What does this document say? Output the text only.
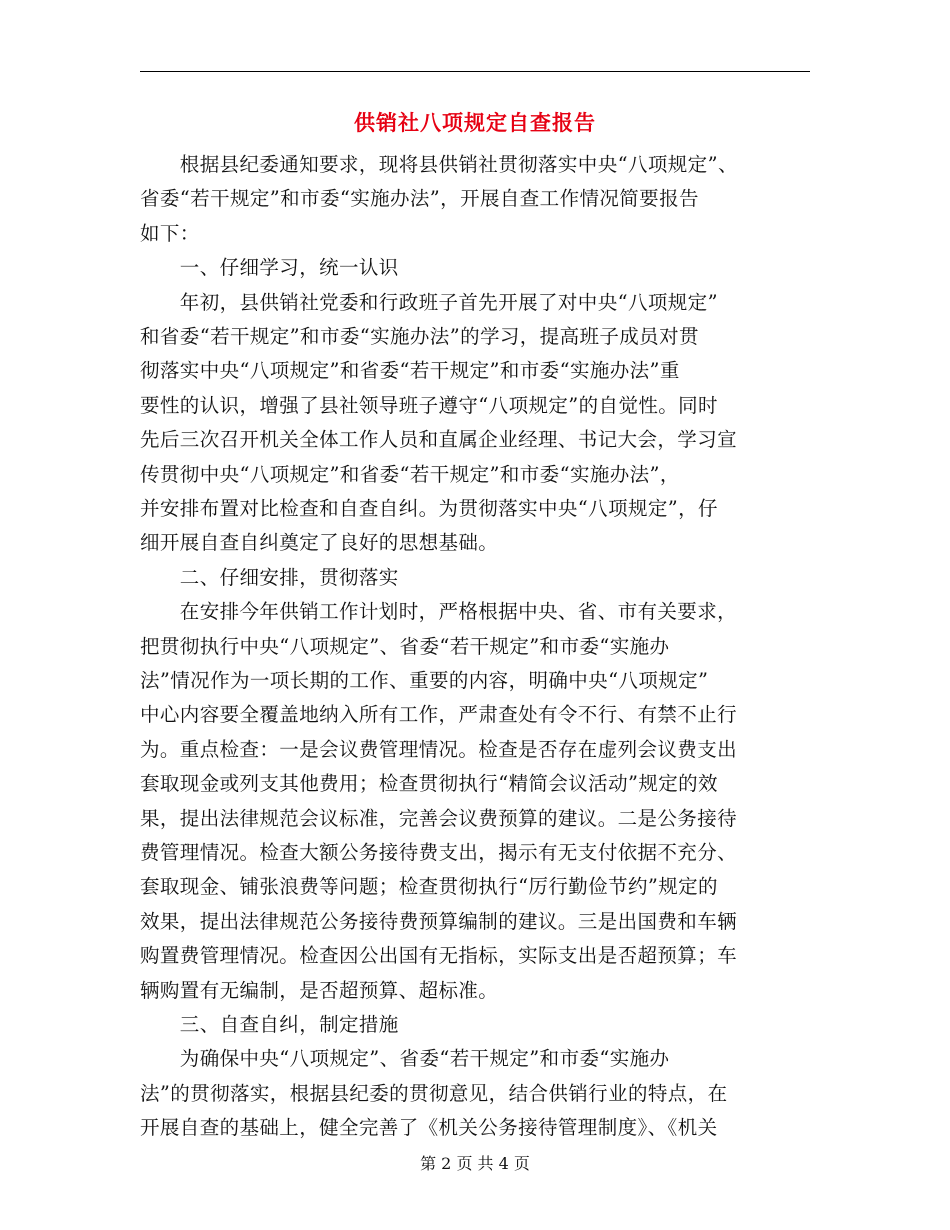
供销社八项规定自查报告
　　根据县纪委通知要求，现将县供销社贯彻落实中央“八项规定”、
省委“若干规定”和市委“实施办法”，开展自查工作情况简要报告
如下：
　　一、仔细学习，统一认识
　　年初，县供销社党委和行政班子首先开展了对中央“八项规定”
和省委“若干规定”和市委“实施办法”的学习，提高班子成员对贯
彻落实中央“八项规定”和省委“若干规定”和市委“实施办法”重
要性的认识，增强了县社领导班子遵守“八项规定”的自觉性。同时
先后三次召开机关全体工作人员和直属企业经理、书记大会，学习宣
传贯彻中央“八项规定”和省委“若干规定”和市委“实施办法”，
并安排布置对比检查和自查自纠。为贯彻落实中央“八项规定”，仔
细开展自查自纠奠定了良好的思想基础。
　　二、仔细安排，贯彻落实
　　在安排今年供销工作计划时，严格根据中央、省、市有关要求，
把贯彻执行中央“八项规定”、省委“若干规定”和市委“实施办
法”情况作为一项长期的工作、重要的内容，明确中央“八项规定”
中心内容要全覆盖地纳入所有工作，严肃查处有令不行、有禁不止行
为。重点检查：一是会议费管理情况。检查是否存在虚列会议费支出
套取现金或列支其他费用；检查贯彻执行“精简会议活动”规定的效
果，提出法律规范会议标准，完善会议费预算的建议。二是公务接待
费管理情况。检查大额公务接待费支出，揭示有无支付依据不充分、
套取现金、铺张浪费等问题；检查贯彻执行“厉行勤俭节约”规定的
效果，提出法律规范公务接待费预算编制的建议。三是出国费和车辆
购置费管理情况。检查因公出国有无指标，实际支出是否超预算；车
辆购置有无编制，是否超预算、超标准。
　　三、自查自纠，制定措施
　　为确保中央“八项规定”、省委“若干规定”和市委“实施办
法”的贯彻落实，根据县纪委的贯彻意见，结合供销行业的特点，在
开展自查的基础上，健全完善了《机关公务接待管理制度》、《机关
第 2 页 共 4 页
